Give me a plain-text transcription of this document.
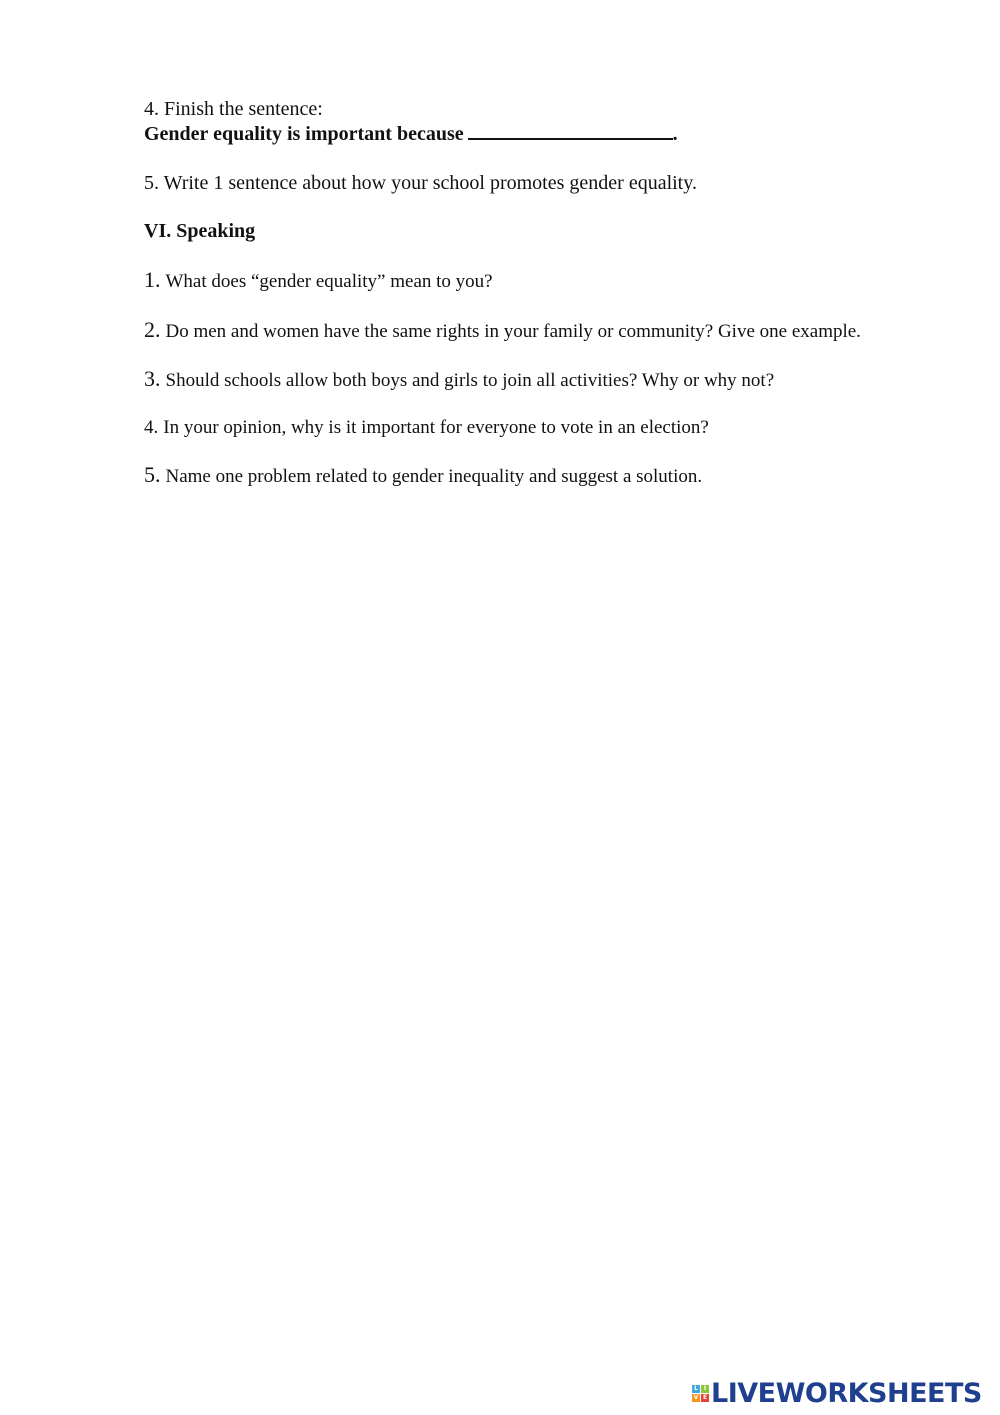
4. Finish the sentence:
Gender equality is important because	.
5. Write 1 sentence about how your school promotes gender equality.
VI. Speaking
1. What does “gender equality” mean to you?
2. Do men and women have the same rights in your family or community? Give one example.
3. Should schools allow both boys and girls to join all activities? Why or why not?
4. In your opinion, why is it important for everyone to vote in an election?
5. Name one problem related to gender inequality and suggest a solution.
L I
V E LIVEWORKSHEETS
